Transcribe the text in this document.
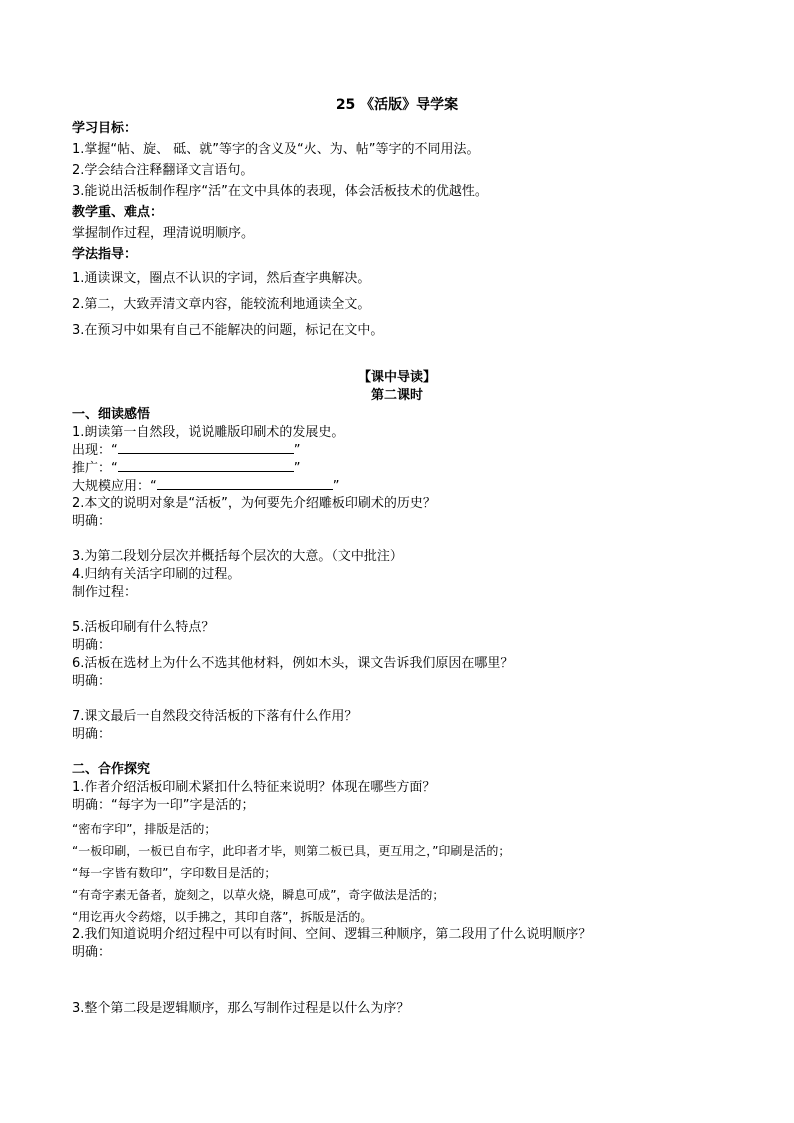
25 《活版》导学案
学习目标：
1.掌握“帖、旋、 砥、就”等字的含义及“火、为、帖”等字的不同用法。
2.学会结合注释翻译文言语句。
3.能说出活板制作程序“活”在文中具体的表现，体会活板技术的优越性。
教学重、难点：
掌握制作过程，理清说明顺序。
学法指导：
1.通读课文，圈点不认识的字词，然后查字典解决。
2.第二，大致弄清文章内容，能较流利地通读全文。
3.在预习中如果有自己不能解决的问题，标记在文中。
【课中导读】
第二课时
一、细读感悟
1.朗读第一自然段，说说雕版印刷术的发展史。
出现：“	”
推广：“	”
大规模应用：“	”
2.本文的说明对象是“活板”，为何要先介绍雕板印刷术的历史？
明确：
3.为第二段划分层次并概括每个层次的大意。（文中批注）
4.归纳有关活字印刷的过程。
制作过程：
5.活板印刷有什么特点？
明确：
6.活板在选材上为什么不选其他材料，例如木头，课文告诉我们原因在哪里？
明确：
7.课文最后一自然段交待活板的下落有什么作用？
明确：
二、合作探究
1.作者介绍活板印刷术紧扣什么特征来说明？体现在哪些方面？
明确：“每字为一印”字是活的；
“密布字印”，排版是活的；
“一板印刷，一板已自布字，此印者才毕，则第二板已具，更互用之，”印刷是活的；
“每一字皆有数印”，字印数目是活的；
“有奇字素无备者，旋刻之，以草火烧，瞬息可成”，奇字做法是活的；
“用讫再火令药熔，以手拂之，其印自落”，拆版是活的。
2.我们知道说明介绍过程中可以有时间、空间、逻辑三种顺序，第二段用了什么说明顺序？
明确：
3.整个第二段是逻辑顺序，那么写制作过程是以什么为序？
